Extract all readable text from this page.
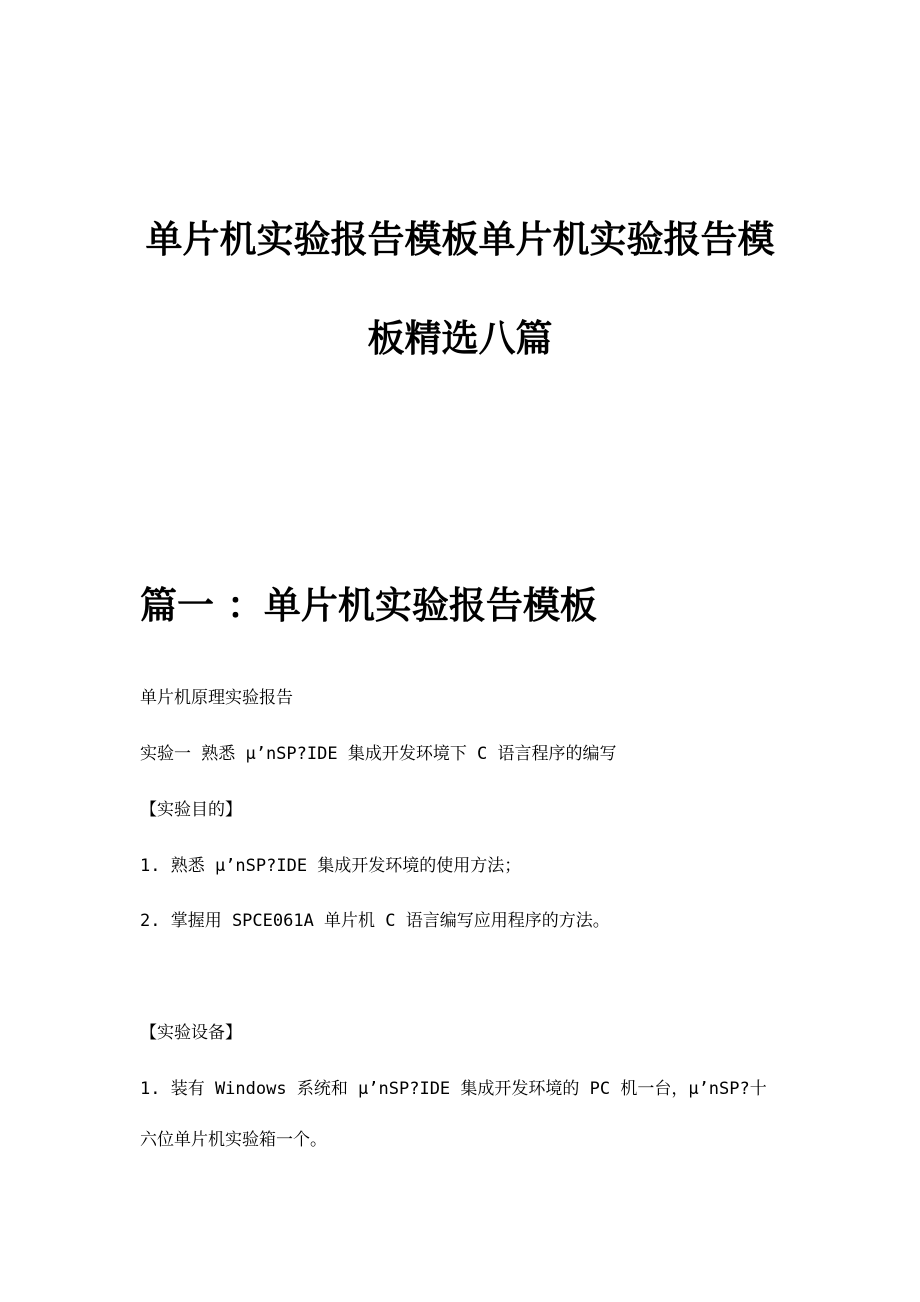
单片机实验报告模板单片机实验报告模
板精选八篇
篇一 ：单片机实验报告模板
单片机原理实验报告
实验一 熟悉 μ’nSP?IDE 集成开发环境下 C 语言程序的编写
【实验目的】
1. 熟悉 μ’nSP?IDE 集成开发环境的使用方法；
2. 掌握用 SPCE061A 单片机 C 语言编写应用程序的方法。
【实验设备】
1. 装有 Windows 系统和 μ’nSP?IDE 集成开发环境的 PC 机一台，μ’nSP?十
六位单片机实验箱一个。
